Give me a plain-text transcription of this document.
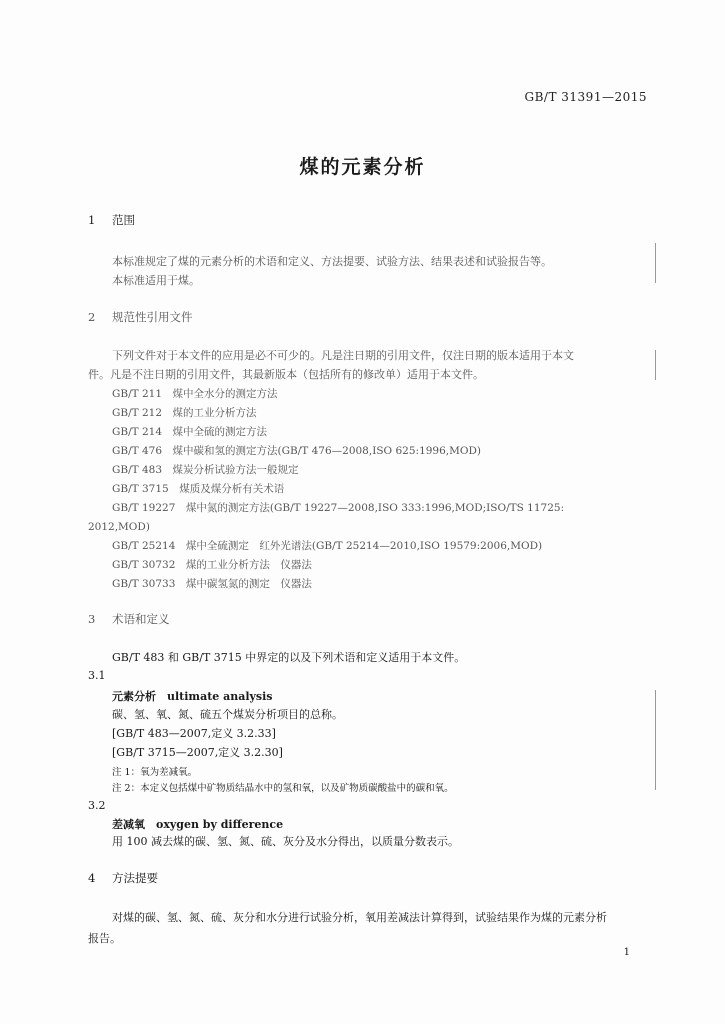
GB/T 31391—2015
煤的元素分析
1 范围
本标准规定了煤的元素分析的术语和定义、方法提要、试验方法、结果表述和试验报告等。
本标准适用于煤。
2 规范性引用文件
下列文件对于本文件的应用是必不可少的。凡是注日期的引用文件，仅注日期的版本适用于本文
件。凡是不注日期的引用文件，其最新版本（包括所有的修改单）适用于本文件。
GB/T 211　煤中全水分的测定方法
GB/T 212　煤的工业分析方法
GB/T 214　煤中全硫的测定方法
GB/T 476　煤中碳和氢的测定方法(GB/T 476—2008,ISO 625:1996,MOD)
GB/T 483　煤炭分析试验方法一般规定
GB/T 3715　煤质及煤分析有关术语
GB/T 19227　煤中氮的测定方法(GB/T 19227—2008,ISO 333:1996,MOD;ISO/TS 11725:
2012,MOD)
GB/T 25214　煤中全硫测定　红外光谱法(GB/T 25214—2010,ISO 19579:2006,MOD)
GB/T 30732　煤的工业分析方法　仪器法
GB/T 30733　煤中碳氢氮的测定　仪器法
3 术语和定义
GB/T 483 和 GB/T 3715 中界定的以及下列术语和定义适用于本文件。
3.1
元素分析　ultimate analysis
碳、氢、氧、氮、硫五个煤炭分析项目的总称。
[GB/T 483—2007,定义 3.2.33]
[GB/T 3715—2007,定义 3.2.30]
注 1：氧为差减氧。
注 2：本定义包括煤中矿物质结晶水中的氢和氧，以及矿物质碳酸盐中的碳和氧。
3.2
差减氧　oxygen by difference
用 100 减去煤的碳、氢、氮、硫、灰分及水分得出，以质量分数表示。
4 方法提要
对煤的碳、氢、氮、硫、灰分和水分进行试验分析，氧用差减法计算得到，试验结果作为煤的元素分析
报告。
1
